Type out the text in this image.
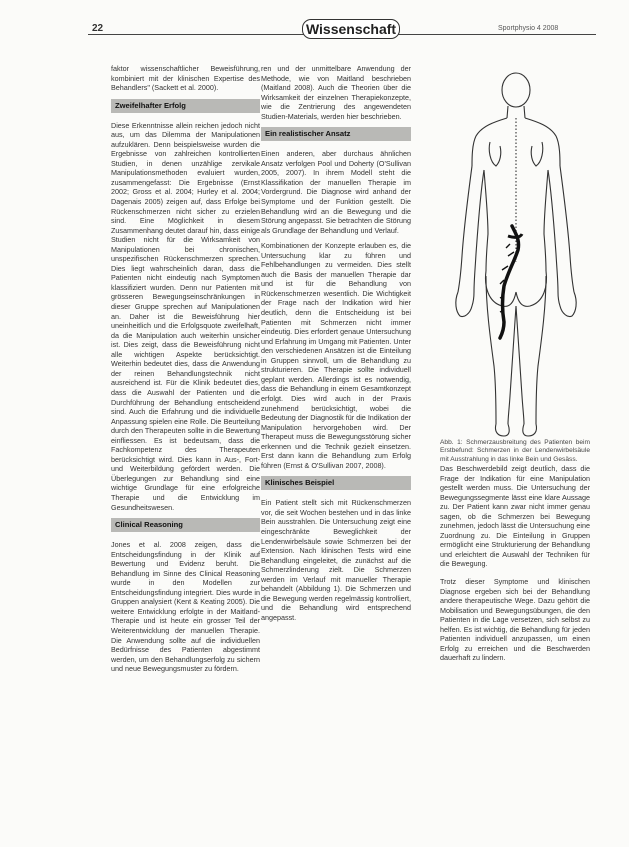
22	Wissenschaft	Sportphysio 4 2008

faktor wissenschaftlicher Beweisführung, kombiniert mit der klinischen Expertise des Behandlers" (Sackett et al. 2000).

Zweifelhafter Erfolg

Diese Erkenntnisse allein reichen jedoch nicht aus, um das Dilemma der Manipulationen aufzuklären. Denn beispielsweise wurden die Ergebnisse von zahlreichen kontrollierten Studien, in denen unzählige zervikale Manipulationsmethoden evaluiert wurden, zusammengefasst: Die Ergebnisse (Ernst 2002; Gross et al. 2004; Hurley et al. 2004; Dagenais 2005) zeigen auf, dass Erfolge bei Rückenschmerzen nicht sicher zu erzielen sind. Eine Möglichkeit in diesem Zusammenhang deutet darauf hin, dass einige Studien nicht für die Wirksamkeit von Manipulationen bei chronischen, unspezifischen Rückenschmerzen sprechen. Dies liegt wahrscheinlich daran, dass die Patienten nicht eindeutig nach Symptomen klassifiziert wurden. Denn nur Patienten mit grösseren Bewegungseinschränkungen in dieser Gruppe sprechen auf Manipulationen an. Daher ist die Beweisführung hier uneinheitlich und die Erfolgsquote zweifelhaft, da die Manipulation auch weiterhin unsicher ist. Dies zeigt, dass die Beweisführung nicht alle wichtigen Aspekte berücksichtigt. Weiterhin bedeutet dies, dass die Anwendung der reinen Behandlungstechnik nicht ausreichend ist. Für die Klinik bedeutet dies, dass die Auswahl der Patienten und die Durchführung der Behandlung entscheidend sind. Auch die Erfahrung und die individuelle Anpassung spielen eine Rolle. Die Beurteilung durch den Therapeuten sollte in die Bewertung einfliessen. Es ist bedeutsam, dass die Fachkompetenz des Therapeuten berücksichtigt wird. Dies kann in Aus-, Fort- und Weiterbildung gefördert werden. Die Überlegungen zur Behandlung sind eine wichtige Grundlage für eine erfolgreiche Therapie und die Entwicklung im Gesundheitswesen.

Clinical Reasoning

Jones et al. 2008 zeigen, dass die Entscheidungsfindung in der Klinik auf Bewertung und Evidenz beruht. Die Behandlung im Sinne des Clinical Reasoning wurde in den Modellen zur Entscheidungsfindung integriert. Dies wurde in Gruppen analysiert (Kent & Keating 2005). Die weitere Entwicklung erfolgte in der Maitland-Therapie und ist heute ein grosser Teil der Weiterentwicklung der manuellen Therapie. Die Anwendung sollte auf die individuellen Bedürfnisse des Patienten abgestimmt werden, um den Behandlungserfolg zu sichern und neue Bewegungsmuster zu fördern.

ren und der unmittelbare Anwendung der Methode, wie von Maitland beschrieben (Maitland 2008). Auch die Theorien über die Wirksamkeit der einzelnen Therapiekonzepte, wie die Zentrierung des angewendeten Studien-Materials, werden hier beschrieben.

Ein realistischer Ansatz

Einen anderen, aber durchaus ähnlichen Ansatz verfolgen Pool und Doherty (O'Sullivan 2005, 2007). In ihrem Modell steht die Klassifikation der manuellen Therapie im Vordergrund. Die Diagnose wird anhand der Symptome und der Funktion gestellt. Die Behandlung wird an die Bewegung und die Störung angepasst. Sie betrachten die Störung als Grundlage der Behandlung und Verlauf.

Kombinationen der Konzepte erlauben es, die Untersuchung klar zu führen und Fehlbehandlungen zu vermeiden. Dies stellt auch die Basis der manuellen Therapie dar und ist für die Behandlung von Rückenschmerzen wesentlich. Die Wichtigkeit der Frage nach der Indikation wird hier deutlich, denn die Entscheidung ist bei Patienten mit Schmerzen nicht immer eindeutig. Dies erfordert genaue Untersuchung und Erfahrung im Umgang mit Patienten. Unter den verschiedenen Ansätzen ist die Einteilung in Gruppen sinnvoll, um die Behandlung zu strukturieren. Die Therapie sollte individuell geplant werden. Allerdings ist es notwendig, dass die Behandlung in einem Gesamtkonzept erfolgt. Dies wird auch in der Praxis zunehmend berücksichtigt, wobei die Bedeutung der Diagnostik für die Indikation der Manipulation hervorgehoben wird. Der Therapeut muss die Bewegungsstörung sicher erkennen und die Technik gezielt einsetzen. Erst dann kann die Behandlung zum Erfolg führen (Ernst & O'Sullivan 2007, 2008).

Klinisches Beispiel

Ein Patient stellt sich mit Rückenschmerzen vor, die seit Wochen bestehen und in das linke Bein ausstrahlen. Die Untersuchung zeigt eine eingeschränkte Beweglichkeit der Lendenwirbelsäule sowie Schmerzen bei der Extension. Nach klinischen Tests wird eine Behandlung eingeleitet, die zunächst auf die Schmerzlinderung zielt. Die Schmerzen werden im Verlauf mit manueller Therapie behandelt (Abbildung 1). Die Schmerzen und die Bewegung werden regelmässig kontrolliert, und die Behandlung wird entsprechend angepasst.

Abb. 1: Schmerzausbreitung des Patienten beim Erstbefund: Schmerzen in der Lendenwirbelsäule mit Ausstrahlung in das linke Bein und Gesäss.

Das Beschwerdebild zeigt deutlich, dass die Frage der Indikation für eine Manipulation gestellt werden muss. Die Untersuchung der Bewegungssegmente lässt eine klare Aussage zu. Der Patient kann zwar nicht immer genau sagen, ob die Schmerzen bei Bewegung zunehmen, jedoch lässt die Untersuchung eine Zuordnung zu. Die Einteilung in Gruppen ermöglicht eine Strukturierung der Behandlung und erleichtert die Auswahl der Techniken für die Bewegung.

Trotz dieser Symptome und klinischen Diagnose ergeben sich bei der Behandlung andere therapeutische Wege. Dazu gehört die Mobilisation und Bewegungsübungen, die den Patienten in die Lage versetzen, sich selbst zu helfen. Es ist wichtig, die Behandlung für jeden Patienten individuell anzupassen, um einen Erfolg zu erreichen und die Beschwerden dauerhaft zu lindern.
